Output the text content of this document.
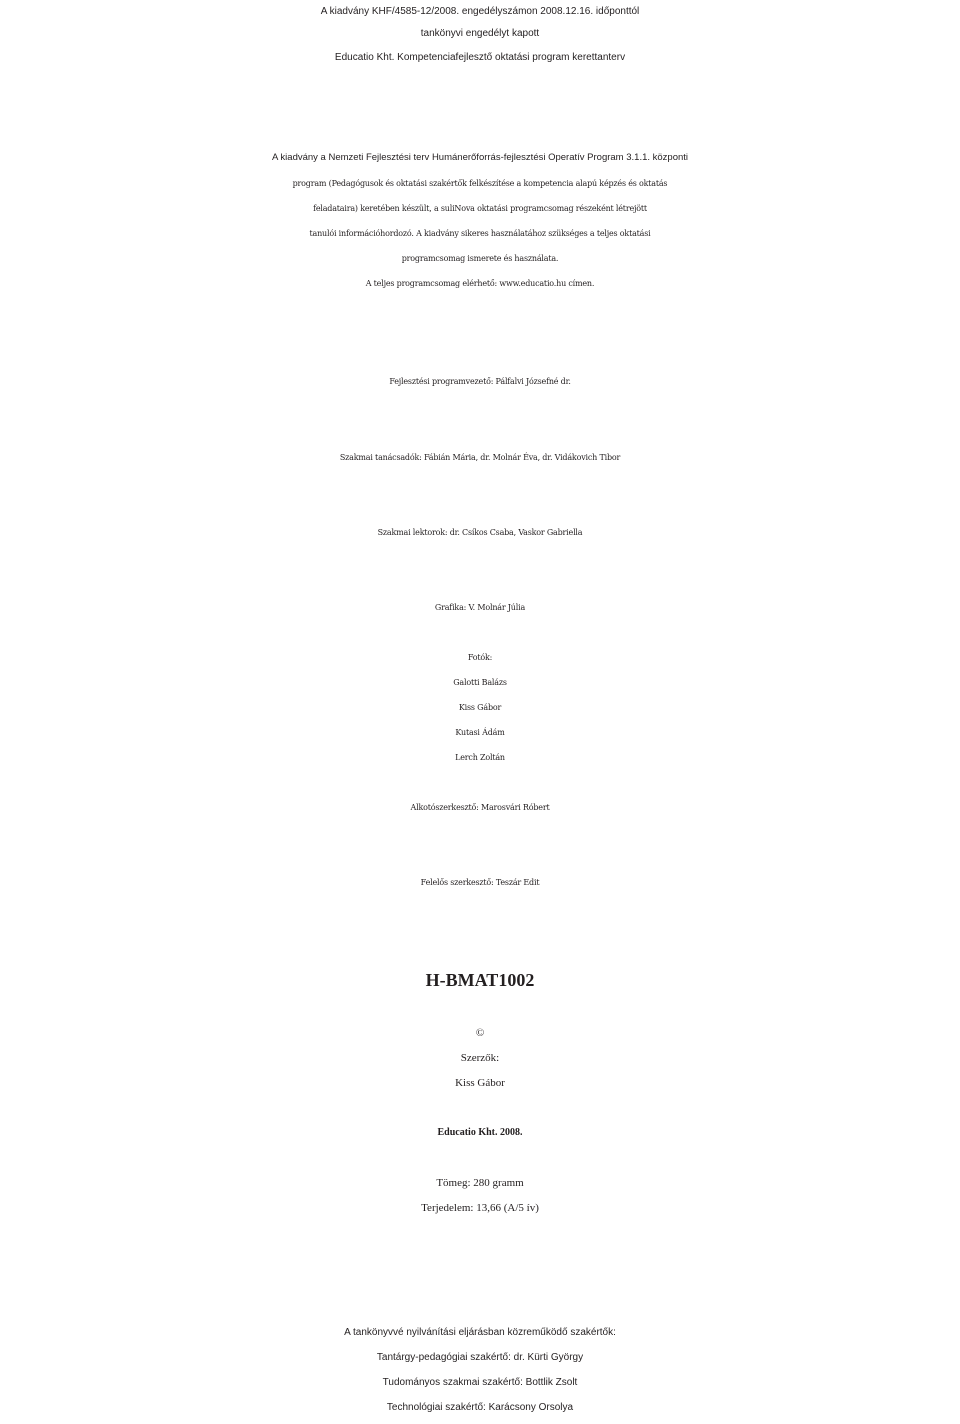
A kiadvány KHF/4585-12/2008. engedélyszámon 2008.12.16. időponttól
tankönyvi engedélyt kapott
Educatio Kht. Kompetenciafejlesztő oktatási program kerettanterv
A kiadvány a Nemzeti Fejlesztési terv Humánerőforrás-fejlesztési Operatív Program 3.1.1. központi
program (Pedagógusok és oktatási szakértők felkészítése a kompetencia alapú képzés és oktatás
feladataira) keretében készült, a suliNova oktatási programcsomag részeként létrejött
tanulói információhordozó. A kiadvány sikeres használatához szükséges a teljes oktatási
programcsomag ismerete és használata.
A teljes programcsomag elérhető: www.educatio.hu címen.
Fejlesztési programvezető: Pálfalvi Józsefné dr.
Szakmai tanácsadók: Fábián Mária, dr. Molnár Éva, dr. Vidákovich Tibor
Szakmai lektorok: dr. Csíkos Csaba, Vaskor Gabriella
Grafika: V. Molnár Júlia
Fotók:
Galotti Balázs
Kiss Gábor
Kutasi Ádám
Lerch Zoltán
Alkotószerkesztő: Marosvári Róbert
Felelős szerkesztő: Teszár Edit
H-BMAT1002
©
Szerzők:
Kiss Gábor
Educatio Kht. 2008.
Tömeg: 280 gramm
Terjedelem: 13,66 (A/5 ív)
A tankönyvvé nyilvánítási eljárásban közreműködő szakértők:
Tantárgy-pedagógiai szakértő: dr. Kürti György
Tudományos szakmai szakértő: Bottlik Zsolt
Technológiai szakértő: Karácsony Orsolya
